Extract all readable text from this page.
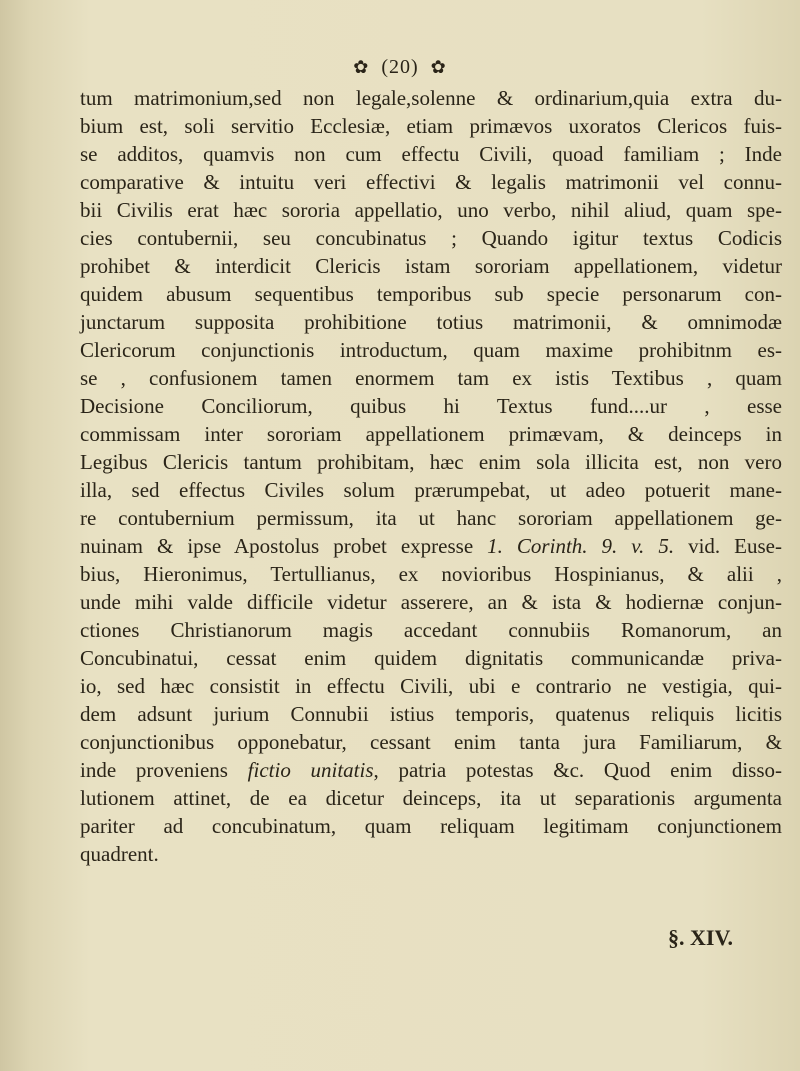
✿ (20) ✿
tum matrimonium,sed non legale,solenne & ordinarium,quia extra du-
bium est, soli servitio Ecclesiæ, etiam primævos uxoratos Clericos fuis-
se additos, quamvis non cum effectu Civili, quoad familiam ; Inde
comparative & intuitu veri effectivi & legalis matrimonii vel connu-
bii Civilis erat hæc sororia appellatio, uno verbo, nihil aliud, quam spe-
cies contubernii, seu concubinatus ; Quando igitur textus Codicis
prohibet & interdicit Clericis istam sororiam appellationem, videtur
quidem abusum sequentibus temporibus sub specie personarum con-
junctarum supposita prohibitione totius matrimonii, & omnimodæ
Clericorum conjunctionis introductum, quam maxime prohibitnm es-
se , confusionem tamen enormem tam ex istis Textibus , quam
Decisione Conciliorum, quibus hi Textus fund....ur , esse
commissam inter sororiam appellationem primævam, & deinceps in
Legibus Clericis tantum prohibitam, hæc enim sola illicita est, non vero
illa, sed effectus Civiles solum prærumpebat, ut adeo potuerit mane-
re contubernium permissum, ita ut hanc sororiam appellationem ge-
nuinam & ipse Apostolus probet expresse 1. Corinth. 9. v. 5. vid. Euse-
bius, Hieronimus, Tertullianus, ex novioribus Hospinianus, & alii ,
unde mihi valde difficile videtur asserere, an & ista & hodiernæ conjun-
ctiones Christianorum magis accedant connubiis Romanorum, an
Concubinatui, cessat enim quidem dignitatis communicandæ priva-
io, sed hæc consistit in effectu Civili, ubi e contrario ne vestigia, qui-
dem adsunt jurium Connubii istius temporis, quatenus reliquis licitis
conjunctionibus opponebatur, cessant enim tanta jura Familiarum, &
inde proveniens fictio unitatis, patria potestas &c. Quod enim disso-
lutionem attinet, de ea dicetur deinceps, ita ut separationis argumenta
pariter ad concubinatum, quam reliquam legitimam conjunctionem
quadrent.
§. XIV.
